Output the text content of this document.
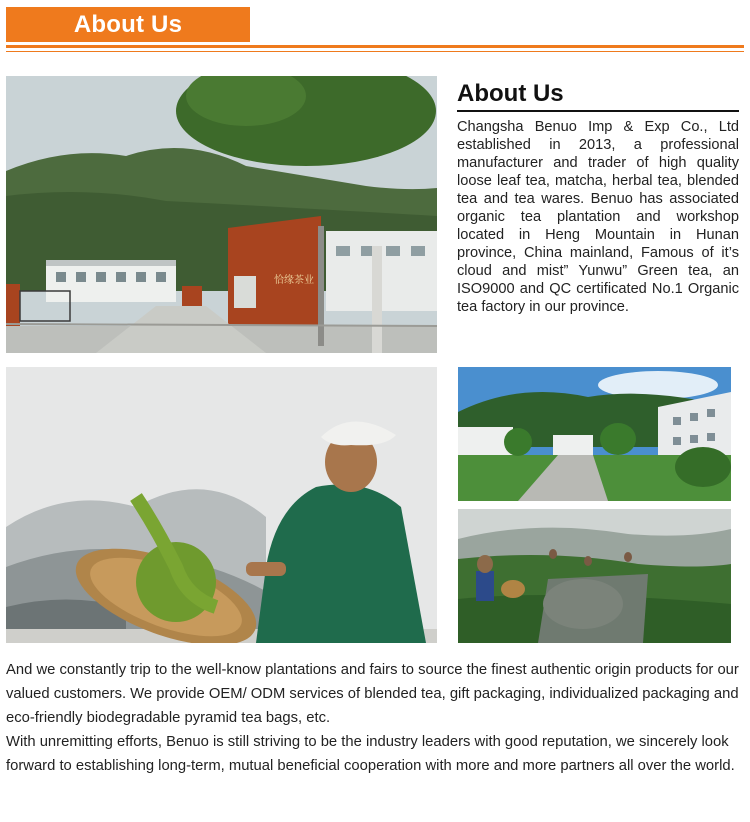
About Us
恰缘茶业
About Us
Changsha Benuo Imp & Exp Co., Ltd established in 2013, a professional manufacturer and trader of high quality loose leaf tea, matcha, herbal tea, blended tea and tea wares. Benuo has associated organic tea plantation and workshop located in Heng Mountain in Hunan province, China mainland, Famous of it’s cloud and mist” Yunwu” Green tea, an ISO9000 and QC certificated No.1 Organic tea factory in our province.

And we constantly trip to the well-know plantations and fairs to source the finest authentic origin products for our valued customers. We provide OEM/ ODM services of blended tea, gift packaging, individualized packaging and eco-friendly biodegradable pyramid tea bags, etc.

With unremitting efforts, Benuo is still striving to be the industry leaders with good reputation, we sincerely look forward to establishing long-term, mutual beneficial cooperation with more and more partners all over the world.
